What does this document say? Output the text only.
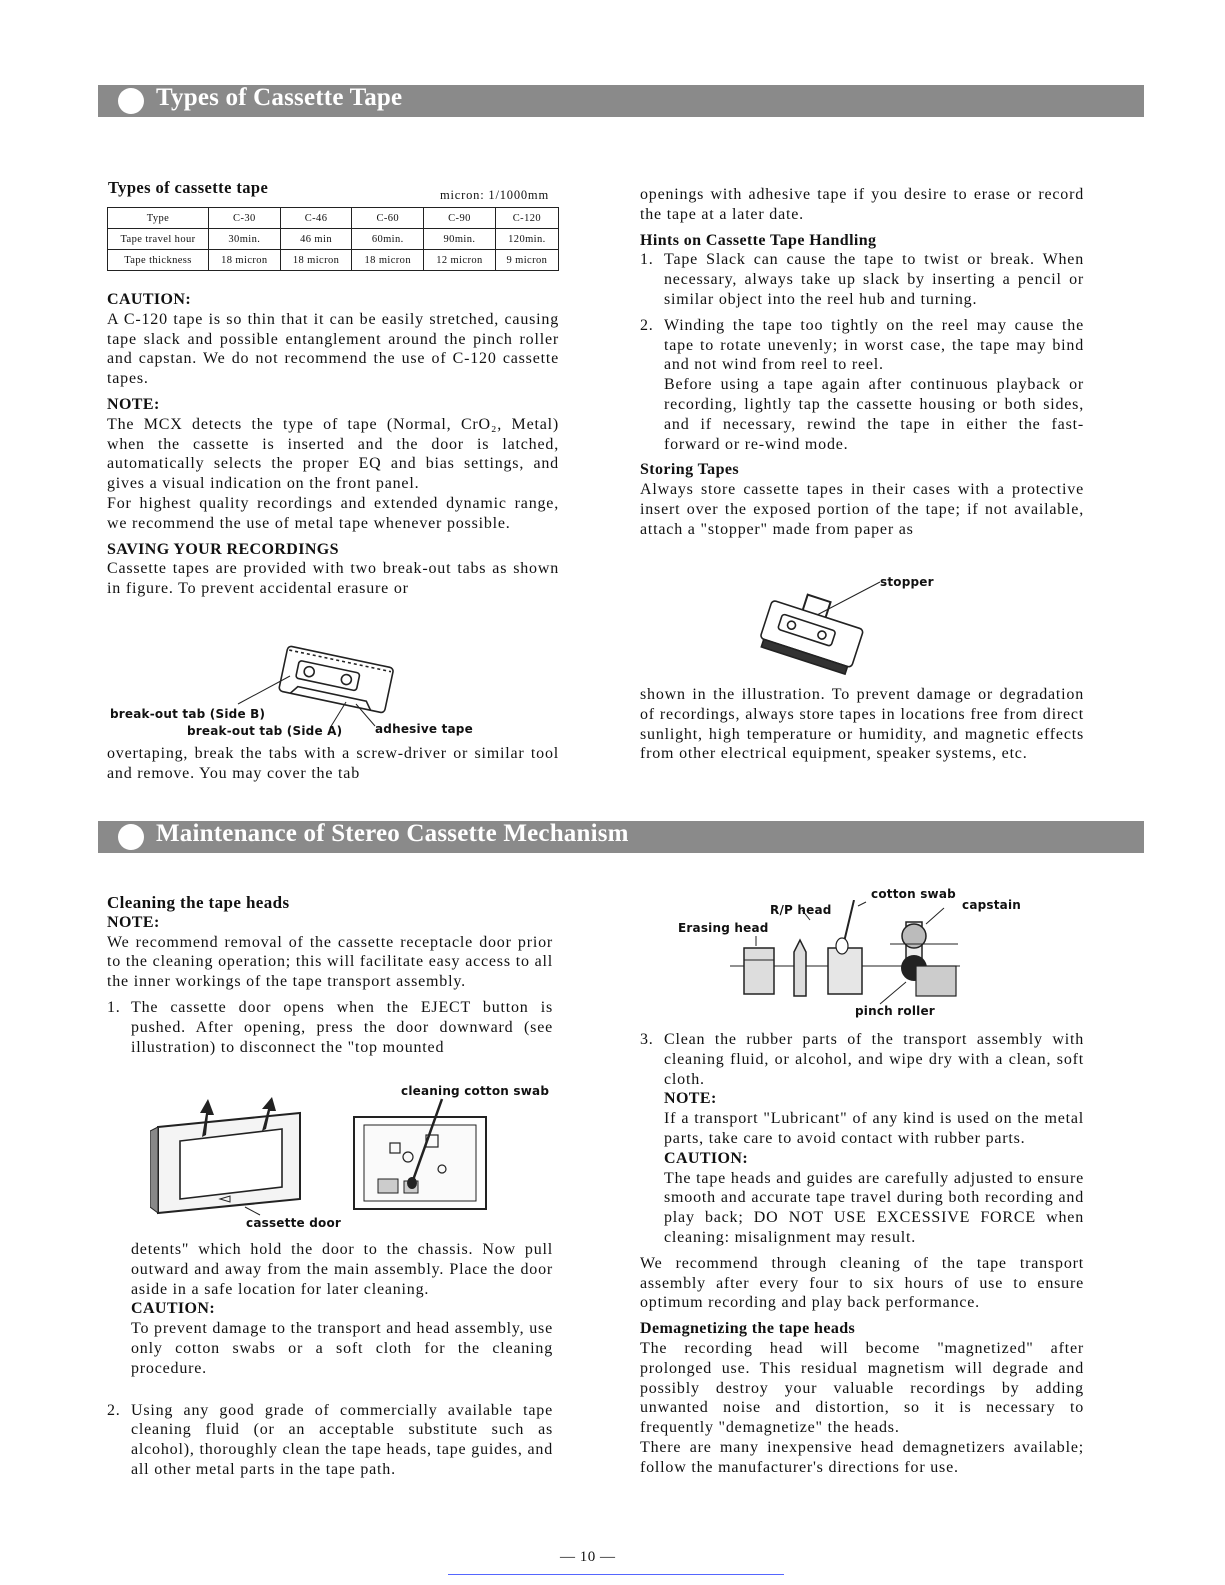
Types of Cassette Tape
Types of cassette tape	micron: 1/1000mm
Type	C-30	C-46	C-60	C-90	C-120
Tape travel hour	30min.	46 min	60min.	90min.	120min.
Tape thickness	18 micron	18 micron	18 micron	12 micron	9 micron
CAUTION:

A C-120 tape is so thin that it can be easily stretched, causing tape slack and possible entanglement around the pinch roller and capstan. We do not recommend the use of C-120 cassette tapes.

NOTE:

The MCX detects the type of tape (Normal, CrO₂, Metal) when the cassette is inserted and the door is latched, automatically selects the proper EQ and bias settings, and gives a visual indication on the front panel.

For highest quality recordings and extended dynamic range, we recommend the use of metal tape whenever possible.

SAVING YOUR RECORDINGS

Cassette tapes are provided with two break-out tabs as shown in figure. To prevent accidental erasure or

break-out tab (Side B)
break-out tab (Side A)	adhesive tape

overtaping, break the tabs with a screw-driver or similar tool and remove. You may cover the tab

openings with adhesive tape if you desire to erase or record the tape at a later date.

Hints on Cassette Tape Handling
1. Tape Slack can cause the tape to twist or break. When necessary, always take up slack by inserting a pencil or similar object into the reel hub and turning.

2. Winding the tape too tightly on the reel may cause the tape to rotate unevenly; in worst case, the tape may bind and not wind from reel to reel.

Before using a tape again after continuous playback or recording, lightly tap the cassette housing or both sides, and if necessary, rewind the tape in either the fast-forward or re-wind mode.

Storing Tapes

Always store cassette tapes in their cases with a protective insert over the exposed portion of the tape; if not available, attach a "stopper" made from paper as

stopper

shown in the illustration. To prevent damage or degradation of recordings, always store tapes in locations free from direct sunlight, high temperature or humidity, and magnetic effects from other electrical equipment, speaker systems, etc.

Maintenance of Stereo Cassette Mechanism
Cleaning the tape heads
NOTE:

We recommend removal of the cassette receptacle door prior to the cleaning operation; this will facilitate easy access to all the inner workings of the tape transport assembly.

1. The cassette door opens when the EJECT button is pushed. After opening, press the door downward (see illustration) to disconnect the "top mounted

cleaning cotton swab
cassette door

detents" which hold the door to the chassis. Now pull outward and away from the main assembly. Place the door aside in a safe location for later cleaning.

CAUTION:

To prevent damage to the transport and head assembly, use only cotton swabs or a soft cloth for the cleaning procedure.

2. Using any good grade of commercially available tape cleaning fluid (or an acceptable substitute such as alcohol), thoroughly clean the tape heads, tape guides, and all other metal parts in the tape path.

cotton swab
R/P head	capstain
Erasing head
pinch roller
3. Clean the rubber parts of the transport assembly with cleaning fluid, or alcohol, and wipe dry with a clean, soft cloth.

NOTE:

If a transport "Lubricant" of any kind is used on the metal parts, take care to avoid contact with rubber parts.

CAUTION:

The tape heads and guides are carefully adjusted to ensure smooth and accurate tape travel during both recording and play back; DO NOT USE EXCESSIVE FORCE when cleaning: misalignment may result.

We recommend through cleaning of the tape transport assembly after every four to six hours of use to ensure optimum recording and play back performance.

Demagnetizing the tape heads

The recording head will become "magnetized" after prolonged use. This residual magnetism will degrade and possibly destroy your valuable recordings by adding unwanted noise and distortion, so it is necessary to frequently "demagnetize" the heads.

There are many inexpensive head demagnetizers available; follow the manufacturer's directions for use.

— 10 —
